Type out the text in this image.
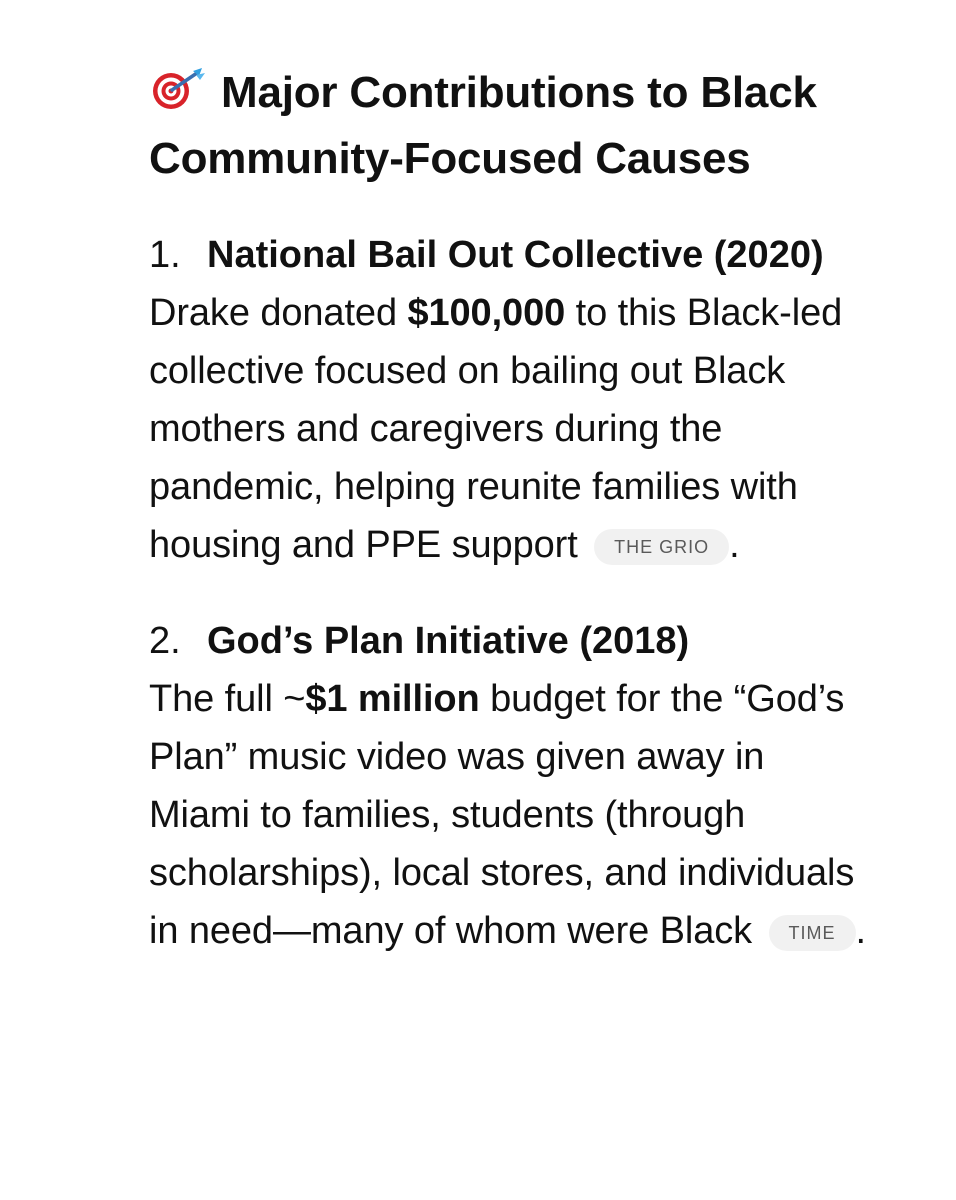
Major Contributions to Black Community-Focused Causes
1. National Bail Out Collective (2020)

Drake donated $100,000 to this Black-led collective focused on bailing out Black mothers and caregivers during the pandemic, helping reunite families with housing and PPE support THE GRIO .

2. God’s Plan Initiative (2018)

The full ~$1 million budget for the “God’s Plan” music video was given away in Miami to families, students (through scholarships), local stores, and individuals in need—many of whom were Black TIME .
